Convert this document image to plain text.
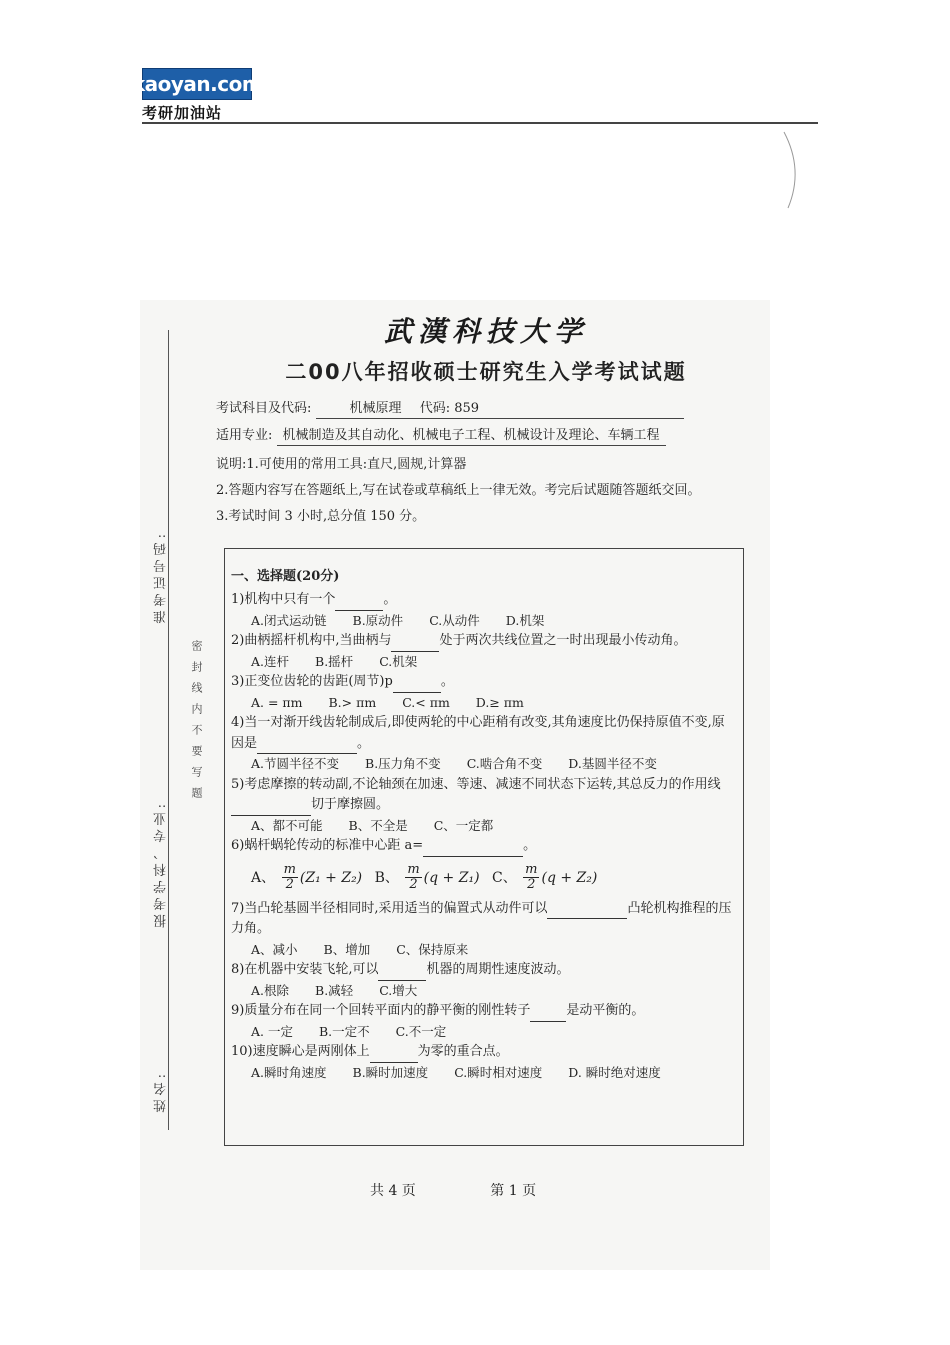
kaoyan.com
考研加油站
准考证号码:
报考学科、专业:
姓名:
密封线内不要写题
武漢科技大学
二00八年招收硕士研究生入学考试试题
考试科目及代码:	机械原理 代码: 859
适用专业: 机械制造及其自动化、机械电子工程、机械设计及理论、车辆工程
说明:1.可使用的常用工具:直尺,圆规,计算器
2.答题内容写在答题纸上,写在试卷或草稿纸上一律无效。考完后试题随答题纸交回。
3.考试时间 3 小时,总分值 150 分。
一、选择题(20分)
1)机构中只有一个	。
A.闭式运动链 B.原动件 C.从动件 D.机架
2)曲柄摇杆机构中,当曲柄与	处于两次共线位置之一时出现最小传动角。
A.连杆 B.摇杆 C.机架
3)正变位齿轮的齿距(周节)p	。
A. = πm B.> πm C.< πm D.≥ πm
4)当一对渐开线齿轮制成后,即使两轮的中心距稍有改变,其角速度比仍保持原值不变,原因是	。
A.节圆半径不变 B.压力角不变 C.啮合角不变 D.基圆半径不变
5)考虑摩擦的转动副,不论轴颈在加速、等速、减速不同状态下运转,其总反力的作用线切于摩擦圆。
A、都不可能 B、不全是 C、一定都
6)蜗杆蜗轮传动的标准中心距 a=	。
A、 $\frac{m}{2} (Z_1 + Z_2)$ B、 $\frac{m}{2} (q + Z_1)$ C、 $\frac{m}{2} (q + Z_2)$
7)当凸轮基圆半径相同时,采用适当的偏置式从动件可以	凸轮机构推程的压力角。
A、减小 B、增加 C、保持原来
8)在机器中安装飞轮,可以	机器的周期性速度波动。
A.根除 B.减轻 C.增大
9)质量分布在同一个回转平面内的静平衡的刚性转子	是动平衡的。
A. 一定 B.一定不 C.不一定
10)速度瞬心是两刚体上	为零的重合点。
A.瞬时角速度 B.瞬时加速度 C.瞬时相对速度 D. 瞬时绝对速度
共 4 页	第 1 页
